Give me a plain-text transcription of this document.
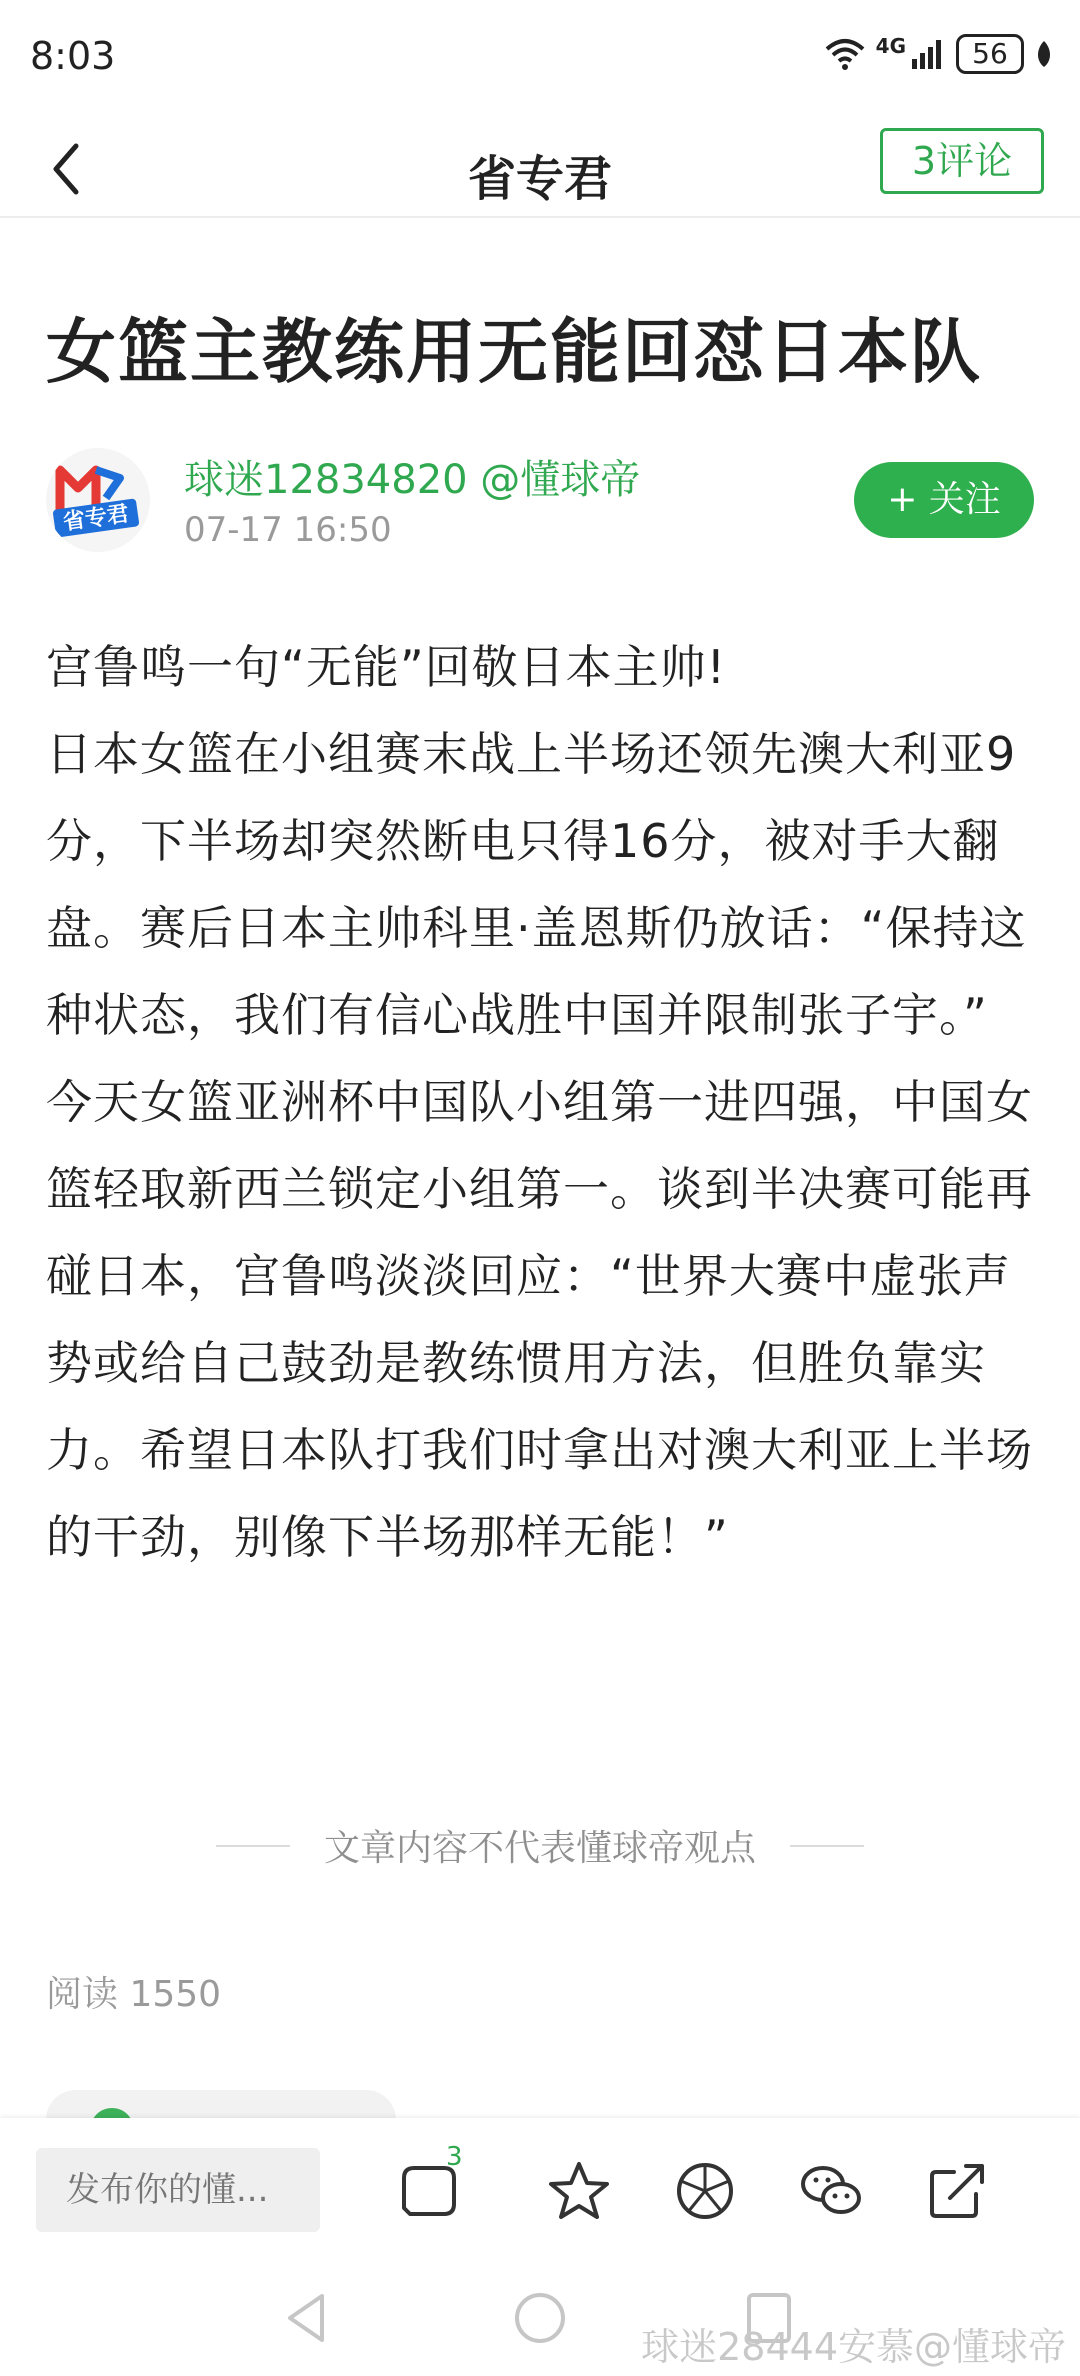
8:03	4G	56
省专君	3评论
女篮主教练用无能回怼日本队
省专君
球迷12834820 @懂球帝
07-17 16:50
+ 关注

宫鲁鸣一句“无能”回敬日本主帅!

日本女篮在小组赛末战上半场还领先澳大利亚9分，下半场却突然断电只得16分，被对手大翻盘。赛后日本主帅科里·盖恩斯仍放话：“保持这种状态，我们有信心战胜中国并限制张子宇。”

今天女篮亚洲杯中国队小组第一进四强，中国女篮轻取新西兰锁定小组第一。谈到半决赛可能再碰日本，宫鲁鸣淡淡回应：“世界大赛中虚张声势或给自己鼓劲是教练惯用方法，但胜负靠实力。希望日本队打我们时拿出对澳大利亚上半场的干劲，别像下半场那样无能！”

文章内容不代表懂球帝观点
阅读 1550
发布你的懂...
3
球迷28444安慕@懂球帝
